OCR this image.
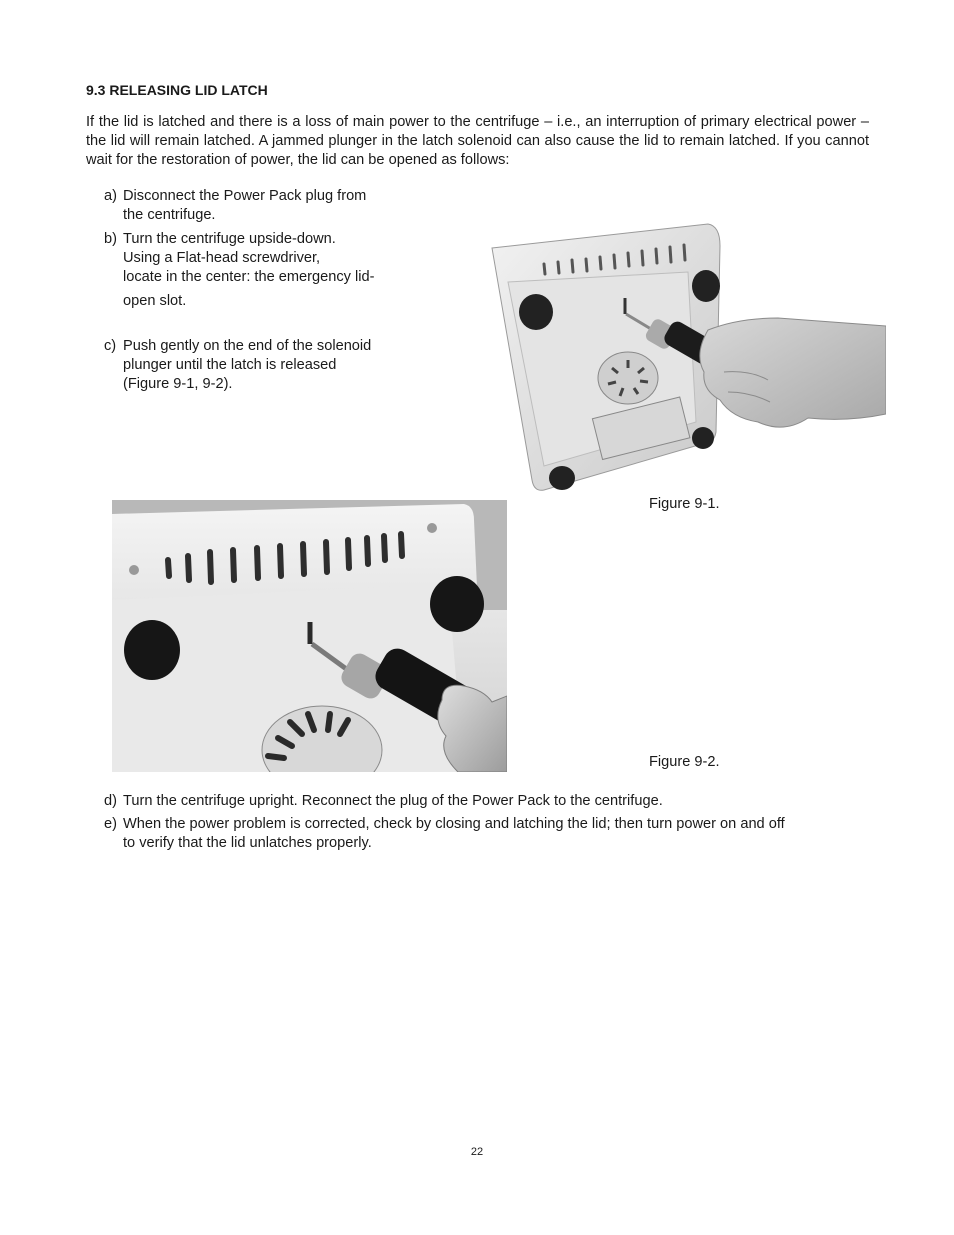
9.3 RELEASING LID LATCH
If the lid is latched and there is a loss of main power to the centrifuge – i.e., an interruption of primary electrical power – the lid will remain latched. A jammed plunger in the latch solenoid can also cause the lid to remain latched. If you cannot wait for the restoration of power, the lid can be opened as follows:
a) Disconnect the Power Pack plug from
the centrifuge.
b) Turn the centrifuge upside-down.
Using a Flat-head screwdriver,
locate in the center: the emergency lid-
open slot.
c) Push gently on the end of the solenoid
plunger until the latch is released
(Figure 9-1, 9-2).
Figure 9-1.
Figure 9-2.
d) Turn the centrifuge upright. Reconnect the plug of the Power Pack to the centrifuge.
e) When the power problem is corrected, check by closing and latching the lid; then turn power on and off
to verify that the lid unlatches properly.
22
